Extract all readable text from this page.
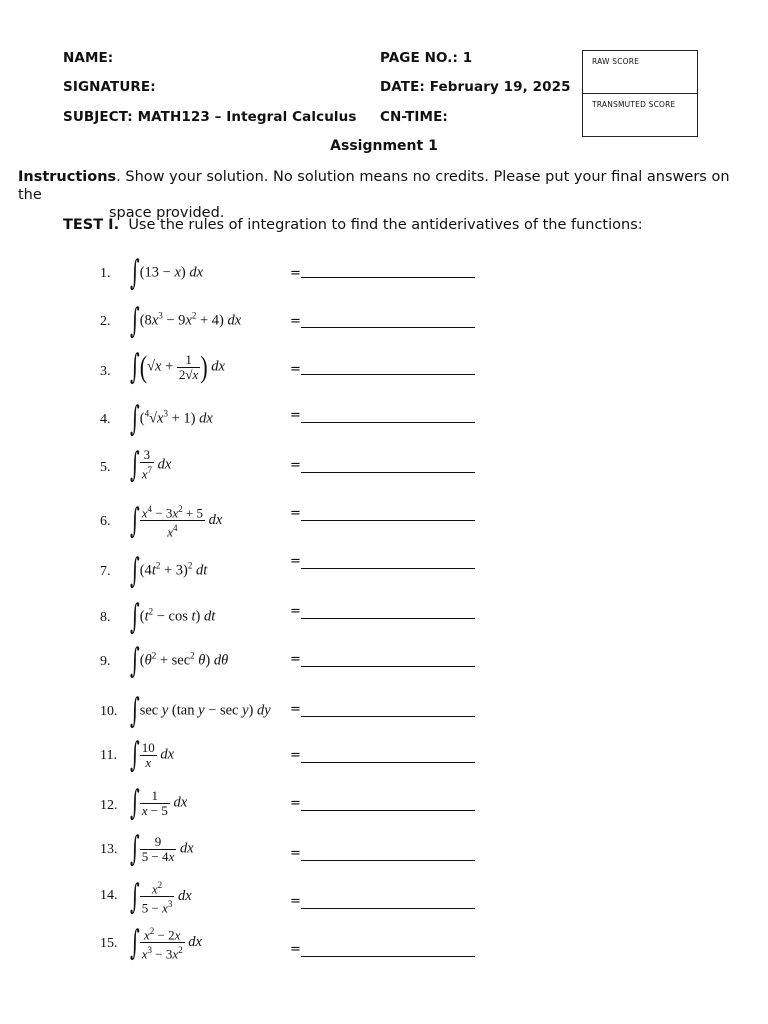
NAME:
SIGNATURE:
SUBJECT: MATH123 – Integral Calculus
PAGE NO.: 1
DATE: February 19, 2025
CN-TIME:
RAW SCORE
TRANSMUTED SCORE
Assignment 1
Instructions. Show your solution. No solution means no credits. Please put your final answers on the
space provided.
TEST I. Use the rules of integration to find the antiderivatives of the functions:
1. ∫(13 − x) dx	=
2. $\int(8x^3 - 9x^2 + 4)$ dx	=
3. $\int(√x + \frac{1}{2√x}$ ) dx	=
4. $\int(^4√x^3 + 1)$ dx	=
5. ∫ $\frac{3}{x^7}$ dx	=
6. ∫ $\frac{x^4 - 3x^2 + 5}{x^4}$ dx	=
7. $\int(4t^2 + 3)^2$ dt
=
8. $\int(t^2 - \cos t)$ dt	=
9. $\int(\theta^2 + \sec^2 \theta)$ dθ	=
10. ∫sec y (tan y − sec y) dy =
11. ∫ $\frac{10}{x}$ dx	=
12. ∫ $\frac{1}{x - 5}$ dx	=
13. ∫ $\frac{9}{5 - 4x}$ dx	=
14. ∫ $\frac{x^2}{5 - x^3}$ dx	=
15. ∫ $\frac{x^2 - 2x}{x^3 - 3x^2}$ dx	=
